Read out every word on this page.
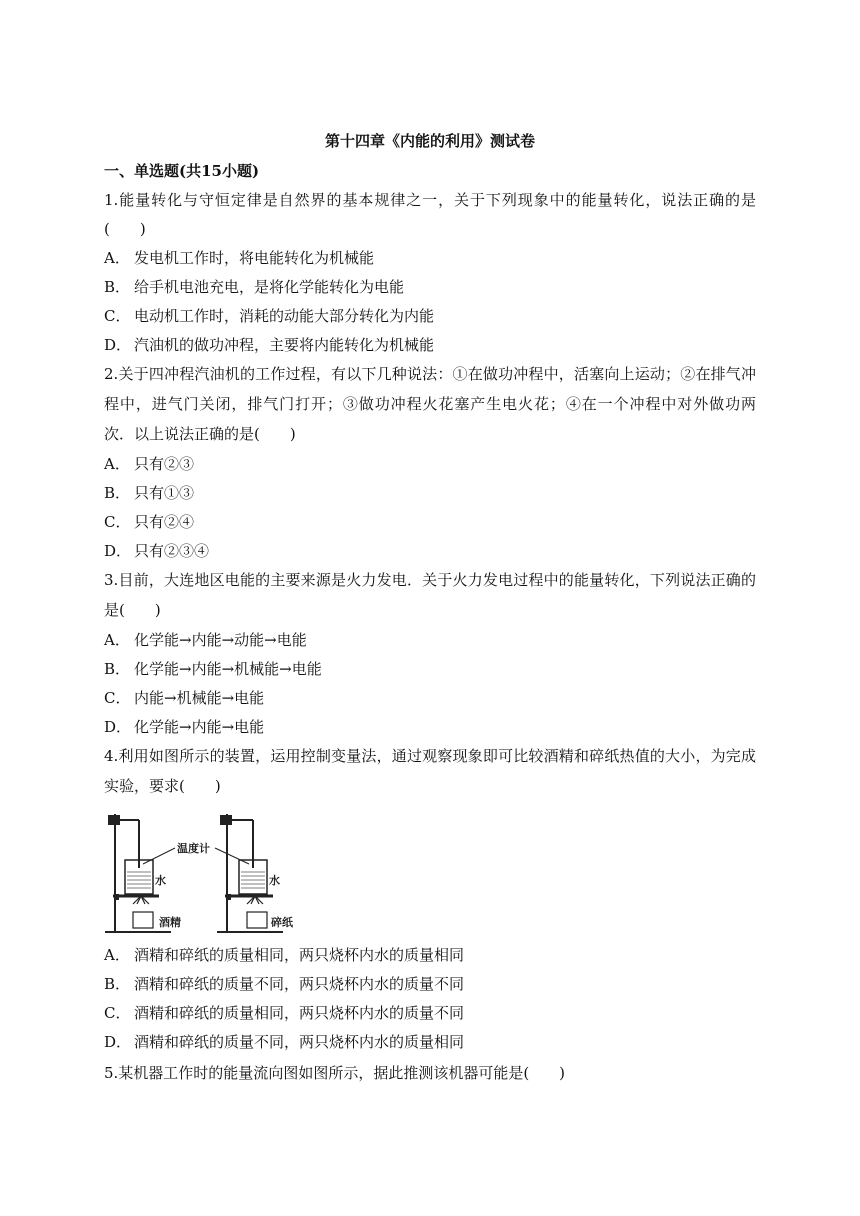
第十四章《内能的利用》测试卷
一、单选题(共15小题)
1.能量转化与守恒定律是自然界的基本规律之一，关于下列现象中的能量转化，说法正确的是
(　　)
A． 发电机工作时，将电能转化为机械能
B． 给手机电池充电，是将化学能转化为电能
C． 电动机工作时，消耗的动能大部分转化为内能
D． 汽油机的做功冲程，主要将内能转化为机械能
2.关于四冲程汽油机的工作过程，有以下几种说法：①在做功冲程中，活塞向上运动；②在排气冲
程中，进气门关闭，排气门打开；③做功冲程火花塞产生电火花；④在一个冲程中对外做功两
次．以上说法正确的是(　　)
A． 只有②③
B． 只有①③
C． 只有②④
D． 只有②③④
3.目前，大连地区电能的主要来源是火力发电．关于火力发电过程中的能量转化，下列说法正确的
是(　　)
A． 化学能→内能→动能→电能
B． 化学能→内能→机械能→电能
C． 内能→机械能→电能
D． 化学能→内能→电能
4.利用如图所示的装置，运用控制变量法，通过观察现象即可比较酒精和碎纸热值的大小，为完成
实验，要求(　　)
温度计
水	水
酒精	碎纸
A． 酒精和碎纸的质量相同，两只烧杯内水的质量相同
B． 酒精和碎纸的质量不同，两只烧杯内水的质量不同
C． 酒精和碎纸的质量相同，两只烧杯内水的质量不同
D． 酒精和碎纸的质量不同，两只烧杯内水的质量相同
5.某机器工作时的能量流向图如图所示，据此推测该机器可能是(　　)
